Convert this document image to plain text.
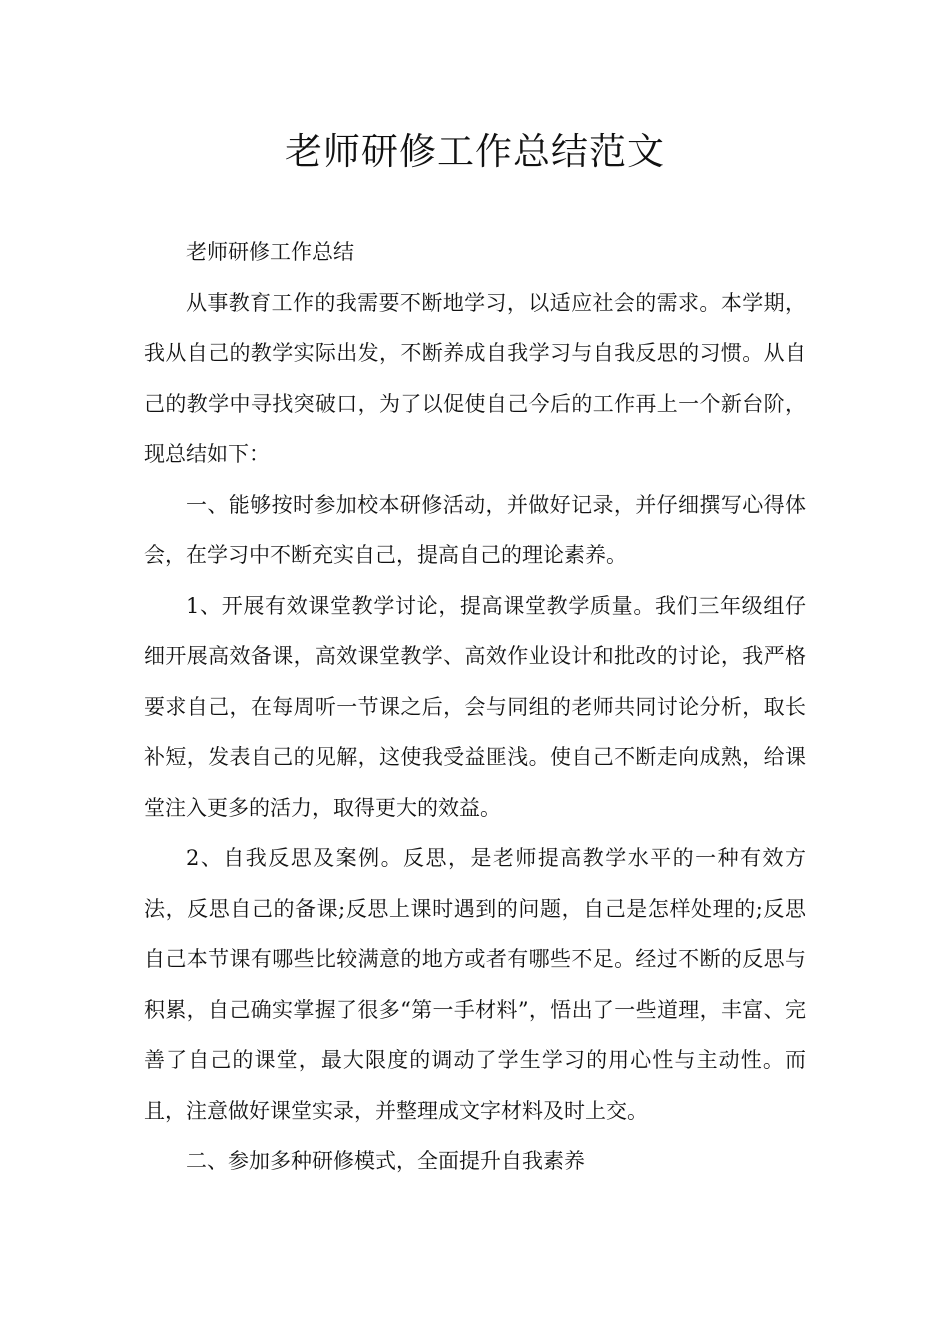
老师研修工作总结范文

老师研修工作总结

从事教育工作的我需要不断地学习，以适应社会的需求。本学期，我从自己的教学实际出发，不断养成自我学习与自我反思的习惯。从自己的教学中寻找突破口，为了以促使自己今后的工作再上一个新台阶，现总结如下：

一、能够按时参加校本研修活动，并做好记录，并仔细撰写心得体会，在学习中不断充实自己，提高自己的理论素养。

1、开展有效课堂教学讨论，提高课堂教学质量。我们三年级组仔细开展高效备课，高效课堂教学、高效作业设计和批改的讨论，我严格要求自己，在每周听一节课之后，会与同组的老师共同讨论分析，取长补短，发表自己的见解，这使我受益匪浅。使自己不断走向成熟，给课堂注入更多的活力，取得更大的效益。

2、自我反思及案例。反思，是老师提高教学水平的一种有效方法，反思自己的备课;反思上课时遇到的问题，自己是怎样处理的;反思自己本节课有哪些比较满意的地方或者有哪些不足。经过不断的反思与积累，自己确实掌握了很多“第一手材料”，悟出了一些道理，丰富、完善了自己的课堂，最大限度的调动了学生学习的用心性与主动性。而且，注意做好课堂实录，并整理成文字材料及时上交。

二、参加多种研修模式，全面提升自我素养
